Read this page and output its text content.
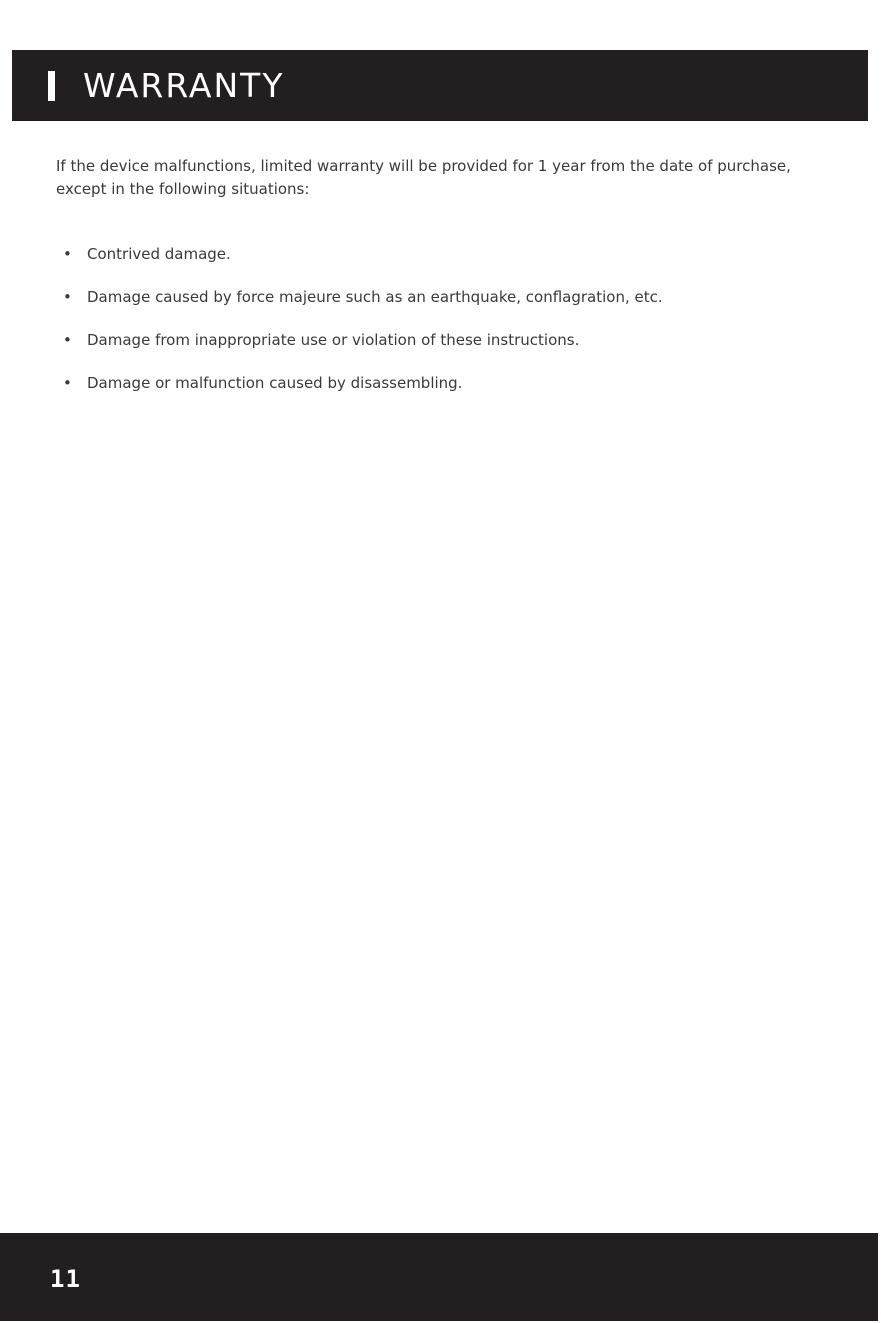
WARRANTY

If the device malfunctions, limited warranty will be provided for 1 year from the date of purchase, except in the following situations:

• Contrived damage.
• Damage caused by force majeure such as an earthquake, conflagration, etc.
• Damage from inappropriate use or violation of these instructions.
• Damage or malfunction caused by disassembling.
11
